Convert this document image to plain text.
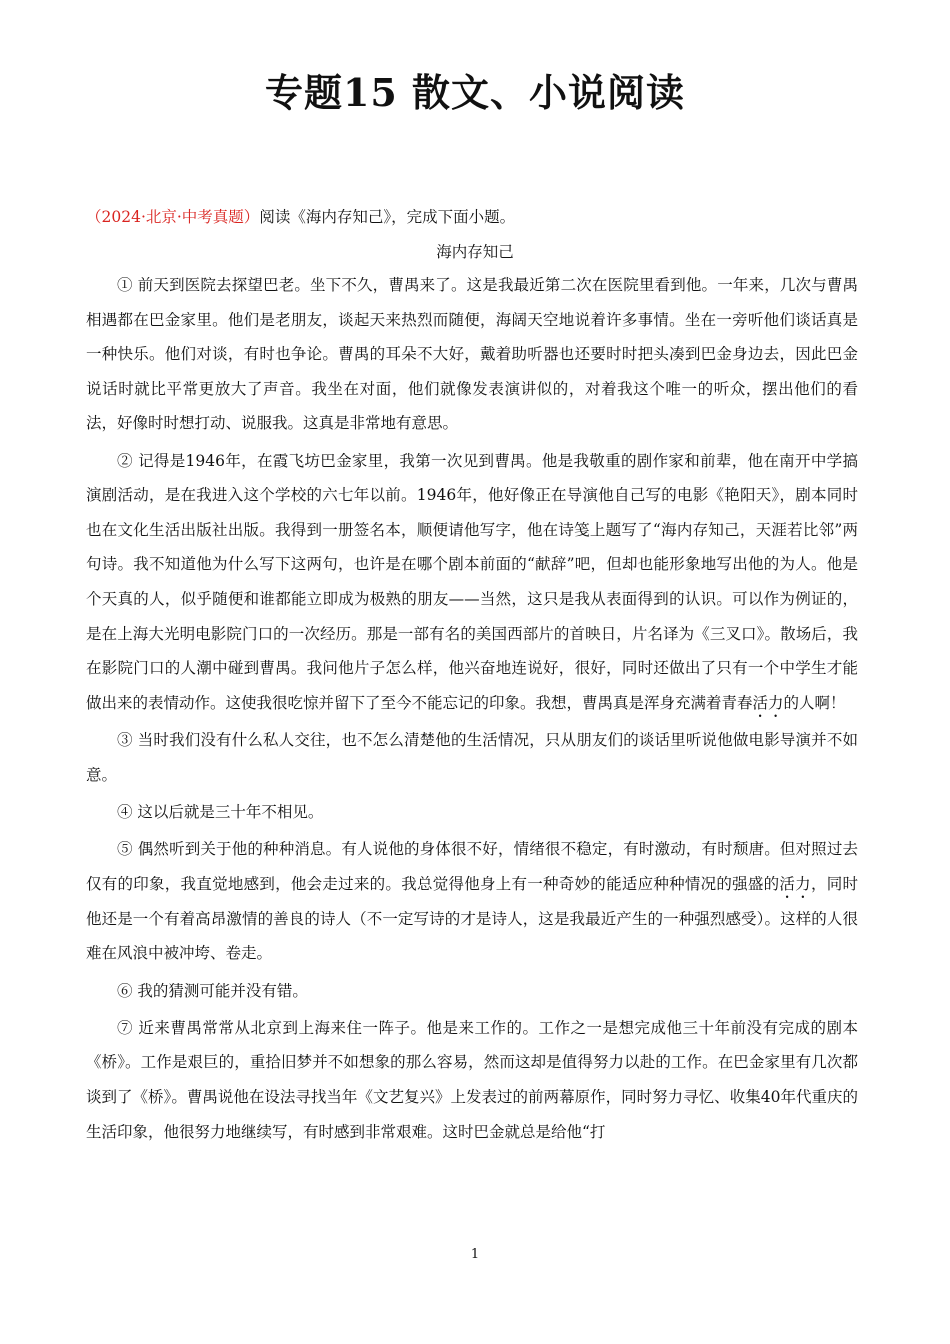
专题15 散文、小说阅读

（2024·北京·中考真题）阅读《海内存知己》，完成下面小题。

海内存知己

① 前天到医院去探望巴老。坐下不久，曹禺来了。这是我最近第二次在医院里看到他。一年来，几次与曹禺相遇都在巴金家里。他们是老朋友，谈起天来热烈而随便，海阔天空地说着许多事情。坐在一旁听他们谈话真是一种快乐。他们对谈，有时也争论。曹禺的耳朵不大好，戴着助听器也还要时时把头凑到巴金身边去，因此巴金说话时就比平常更放大了声音。我坐在对面，他们就像发表演讲似的，对着我这个唯一的听众，摆出他们的看法，好像时时想打动、说服我。这真是非常地有意思。

② 记得是1946年，在霞飞坊巴金家里，我第一次见到曹禺。他是我敬重的剧作家和前辈，他在南开中学搞演剧活动，是在我进入这个学校的六七年以前。1946年，他好像正在导演他自己写的电影《艳阳天》，剧本同时也在文化生活出版社出版。我得到一册签名本，顺便请他写字，他在诗笺上题写了“海内存知己，天涯若比邻”两句诗。我不知道他为什么写下这两句，也许是在哪个剧本前面的“献辞”吧，但却也能形象地写出他的为人。他是个天真的人，似乎随便和谁都能立即成为极熟的朋友——当然，这只是我从表面得到的认识。可以作为例证的，是在上海大光明电影院门口的一次经历。那是一部有名的美国西部片的首映日，片名译为《三叉口》。散场后，我在影院门口的人潮中碰到曹禺。我问他片子怎么样，他兴奋地连说好，很好，同时还做出了只有一个中学生才能做出来的表情动作。这使我很吃惊并留下了至今不能忘记的印象。我想，曹禺真是浑身充满着青春活力的人啊！

③ 当时我们没有什么私人交往，也不怎么清楚他的生活情况，只从朋友们的谈话里听说他做电影导演并不如意。

④ 这以后就是三十年不相见。

⑤ 偶然听到关于他的种种消息。有人说他的身体很不好，情绪很不稳定，有时激动，有时颓唐。但对照过去仅有的印象，我直觉地感到，他会走过来的。我总觉得他身上有一种奇妙的能适应种种情况的强盛的活力，同时他还是一个有着高昂激情的善良的诗人（不一定写诗的才是诗人，这是我最近产生的一种强烈感受）。这样的人很难在风浪中被冲垮、卷走。

⑥ 我的猜测可能并没有错。

⑦ 近来曹禺常常从北京到上海来住一阵子。他是来工作的。工作之一是想完成他三十年前没有完成的剧本《桥》。工作是艰巨的，重拾旧梦并不如想象的那么容易，然而这却是值得努力以赴的工作。在巴金家里有几次都谈到了《桥》。曹禺说他在设法寻找当年《文艺复兴》上发表过的前两幕原作，同时努力寻忆、收集40年代重庆的生活印象，他很努力地继续写，有时感到非常艰难。这时巴金就总是给他“打

1
